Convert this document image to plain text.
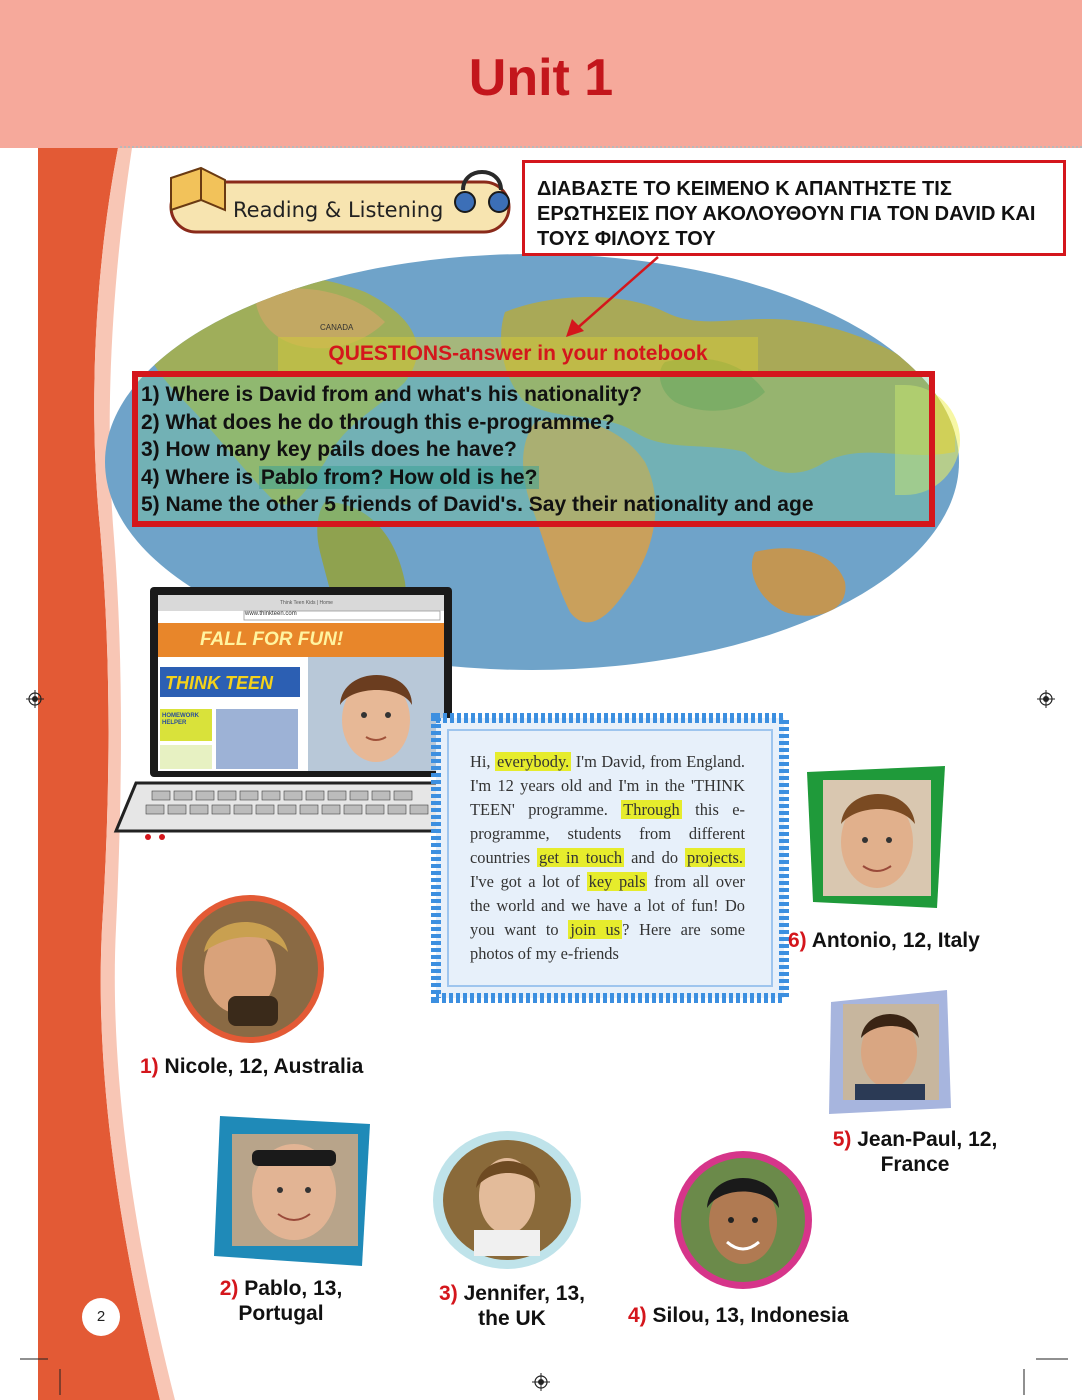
Unit 1
CANADA
Reading & Listening
ΔΙΑΒΑΣΤΕ ΤΟ ΚΕΙΜΕΝΟ Κ ΑΠΑΝΤΗΣΤΕ ΤΙΣ ΕΡΩΤΗΣΕΙΣ ΠΟΥ ΑΚΟΛΟΥΘΟΥΝ ΓΙΑ ΤΟΝ DAVID ΚΑΙ ΤΟΥΣ ΦΙΛΟΥΣ ΤΟΥ
QUESTIONS-answer in your notebook
1) Where is David from and what's his nationality?
2) What does he do through this e-programme?
3) How many key pails does he have?
4) Where is Pablo from? How old is he?
5) Name the other 5 friends of David's. Say their nationality and age
www.thinkteen.com
Think Teen Kids | Home
FALL FOR FUN!
THINK TEEN
HOMEWORK HELPER
Hi, everybody. I'm David, from England. I'm 12 years old and I'm in the 'THINK TEEN' programme. Through this e-programme, students from different countries get in touch and do projects. I've got a lot of key pals from all over the world and we have a lot of fun! Do you want to join us ? Here are some photos of my e-friends
1) Nicole, 12, Australia
2) Pablo, 13,
Portugal
3) Jennifer, 13,
the UK	4) Silou, 13, Indonesia
5) Jean-Paul, 12,
France
6) Antonio, 12, Italy
2
